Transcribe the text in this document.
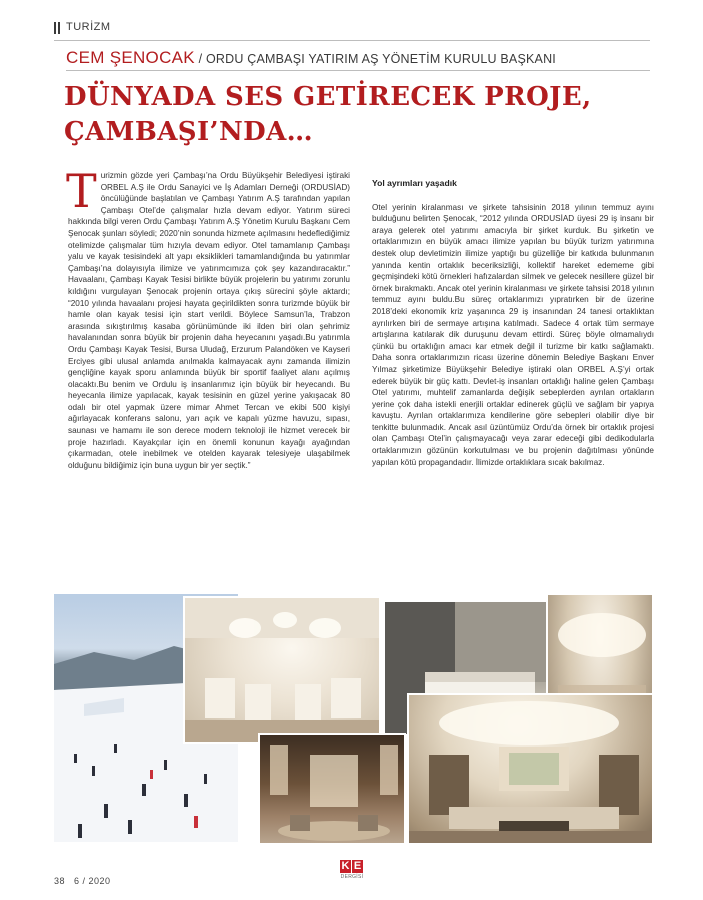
TURİZM
CEM ŞENOCAK / ORDU ÇAMBAŞI YATIRIM AŞ YÖNETİM KURULU BAŞKANI
DÜNYADA SES GETİRECEK PROJE,
ÇAMBAŞI’NDA…
T urizmin gözde yeri Çambaşı’na Ordu Büyükşehir Belediyesi iştiraki ORBEL A.Ş ile Ordu Sanayici ve İş Adamları Derneği (ORDUSİAD) öncülüğünde başlatılan ve Çambaşı Yatırım A.Ş tarafından yapılan Çambaşı Otel’de çalışmalar hızla devam ediyor. Yatırım süreci hakkında bilgi veren Ordu Çambaşı Yatırım A.Ş Yönetim Kurulu Başkanı Cem Şenocak şunları söyledi; 2020’nin sonunda hizmete açılmasını hedeflediğimiz otelimizde çalışmalar tüm hızıyla devam ediyor. Otel tamamlanıp Çambaşı yalu ve kayak tesisindeki alt yapı eksiklikleri tamamlandığında bu yatırımlar Çambaşı’na dolayısıyla ilimize ve yatırımcımıza çok şey kazandıracaktır.” Havaalanı, Çambaşı Kayak Tesisi birlikte büyük projelerin bu yatırımı zorunlu kıldığını vurgulayan Şenocak projenin ortaya çıkış sürecini şöyle aktardı; “2010 yılında havaalanı projesi hayata geçirildikten sonra turizmde büyük bir hamle olan kayak tesisi için start verildi. Böylece Samsun’la, Trabzon arasında sıkıştırılmış kasaba görünümünde iki ilden biri olan şehrimiz havalanından sonra büyük bir projenin daha heyecanını yaşadı.Bu yatırımla Ordu Çambaşı Kayak Tesisi, Bursa Uludağ, Erzurum Palandöken ve Kayseri Erciyes gibi ulusal anlamda anılmakla kalmayacak aynı zamanda ilimizin gençliğine kayak sporu anlamında büyük bir sportif faaliyet alanı açılmış olacaktı.Bu benim ve Ordulu iş insanlarımız için büyük bir heyecandı. Bu heyecanla ilimize yapılacak, kayak tesisinin en güzel yerine yakışacak 80 odalı bir otel yapmak üzere mimar Ahmet Tercan ve ekibi 500 kişiyi ağırlayacak konferans salonu, yarı açık ve kapalı yüzme havuzu, sıpası, saunası ve hamamı ile son derece modern teknoloji ile hizmet verecek bir proje hazırladı. Kayakçılar için en önemli konunun kayağı ayağından çıkarmadan, otele inebilmek ve otelden kayarak telesiyeje ulaşabilmek olduğunu bildiğimiz için buna uygun bir yer seçtik.”

Yol ayrımları yaşadık

Otel yerinin kiralanması ve şirkete tahsisinin 2018 yılının temmuz ayını bulduğunu belirten Şenocak, “2012 yılında ORDUSİAD üyesi 29 iş insanı bir araya gelerek otel yatırımı amacıyla bir şirket kurduk. Bu şirketin ve ortaklarımızın en büyük amacı ilimize yapılan bu büyük turizm yatırımına destek olup devletimizin ilimize yaptığı bu güzelliğe bir katkıda bulunmanın yanında kentin ortaklık beceriksizliği, kollektif hareket edememe gibi geçmişindeki kötü örnekleri hafızalardan silmek ve gelecek nesillere güzel bir örnek bırakmaktı. Ancak otel yerinin kiralanması ve şirkete tahsisi 2018 yılının temmuz ayını buldu.Bu süreç ortaklarımızı yıpratırken bir de üzerine 2018’deki ekonomik kriz yaşanınca 29 iş insanından 24 tanesi ortaklıktan ayrılırken biri de sermaye artışına katılmadı. Sadece 4 ortak tüm sermaye artışlarına katılarak dik duruşunu devam ettirdi. Süreç böyle olmamalıydı çünkü bu ortaklığın amacı kar etmek değil il turizme bir katkı sağlamaktı. Daha sonra ortaklarımızın ricası üzerine dönemin Belediye Başkanı Enver Yılmaz şirketimize Büyükşehir Belediye iştiraki olan ORBEL A.Ş’yi ortak ederek büyük bir güç kattı. Devlet-iş insanları ortaklığı haline gelen Çambaşı Otel yatırımı, muhtelif zamanlarda değişik sebeplerden ayrılan ortakların yerine çok daha istekli enerjili ortaklar edinerek güçlü ve sağlam bir yapıya kavuştu. Ayrılan ortaklarımıza kendilerine göre sebepleri olabilir diye bir tenkitte bulunmadık. Ancak asıl üzüntümüz Ordu’da örnek bir ortaklık projesi olan Çambaşı Otel’in çalışmayacağı veya zarar edeceği gibi dedikodularla ortaklarımızın gözünün korkutulması ve bu projenin dağıtılması yönünde yapılan kötü propagandadır. İlimizde ortaklıklara sıcak bakılmaz.

38 6 / 2020
K E
DERGİSİ
